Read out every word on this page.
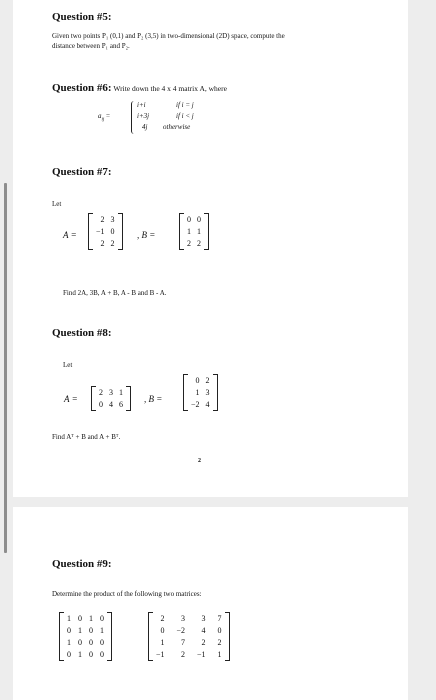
Question #5:
Given two points P₁ (0,1) and P₂ (3,5) in two-dimensional (2D) space, compute the
distance between P₁ and P₂.
Question #6: Write down the 4 x 4 matrix A, where
$a_{ij}$ =
i+i	if i = j
i+3j	if i < j
4j otherwise
Question #7:
Let
A =
2 3
−1 0
2 2
, B =
0 0
1 1
2 2
Find 2A, 3B, A + B, A - B and B - A.
Question #8:
Let
A =
2 3 1
0 4 6
, B =
0 2
1 3
−2 4
Find Aᵀ + B and A + Bᵀ.
2
Question #9:
Determine the product of the following two matrices:
1 0 1 0
0 1 0 1
1 0 0 0
0 1 0 0
2	3	3 7
0 −2	4 0
1	7	2 2
−1	2 −1 1
